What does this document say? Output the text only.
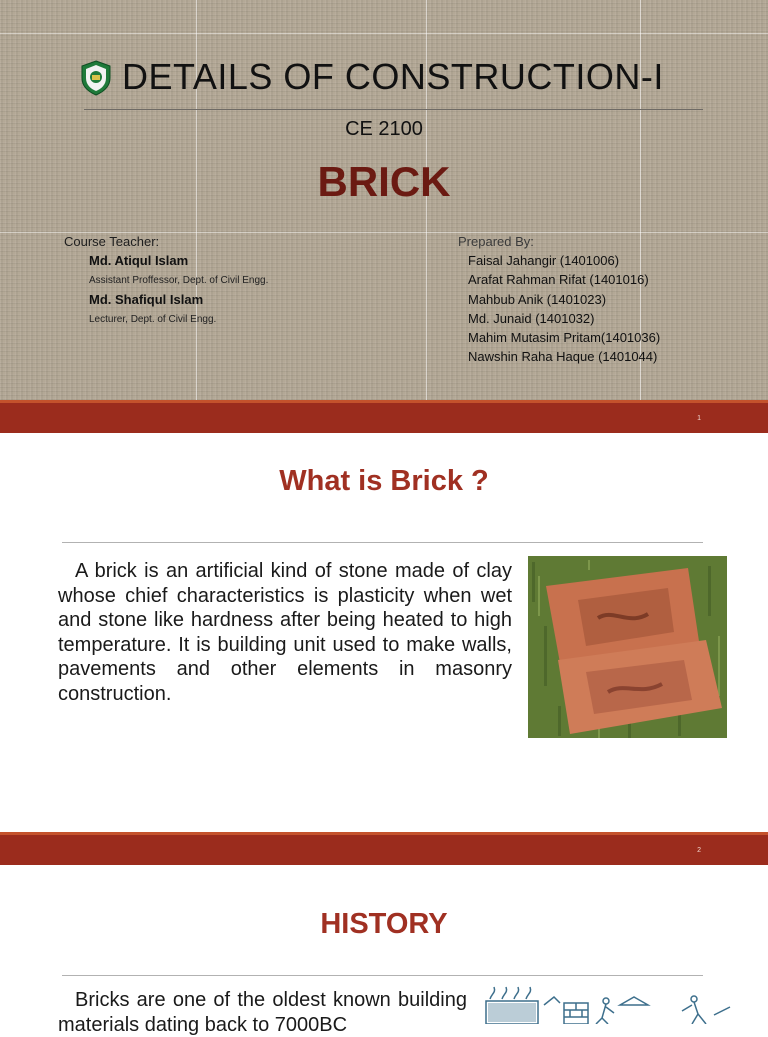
DETAILS OF CONSTRUCTION-I
CE 2100
BRICK
Course Teacher:
Md. Atiqul Islam
Assistant Proffessor, Dept. of Civil Engg.
Md. Shafiqul Islam
Lecturer, Dept. of Civil Engg.
Prepared By:
Faisal Jahangir (1401006)
Arafat Rahman Rifat (1401016)
Mahbub Anik (1401023)
Md. Junaid (1401032)
Mahim Mutasim Pritam(1401036)
Nawshin Raha Haque (1401044)
1
What is Brick ?
A brick is an artificial kind of stone made of clay whose chief characteristics is plasticity when wet and stone like hardness after being heated to high temperature. It is building unit used to make walls, pavements and other elements in masonry construction.
2
HISTORY
Bricks are one of the oldest known building materials dating back to 7000BC
